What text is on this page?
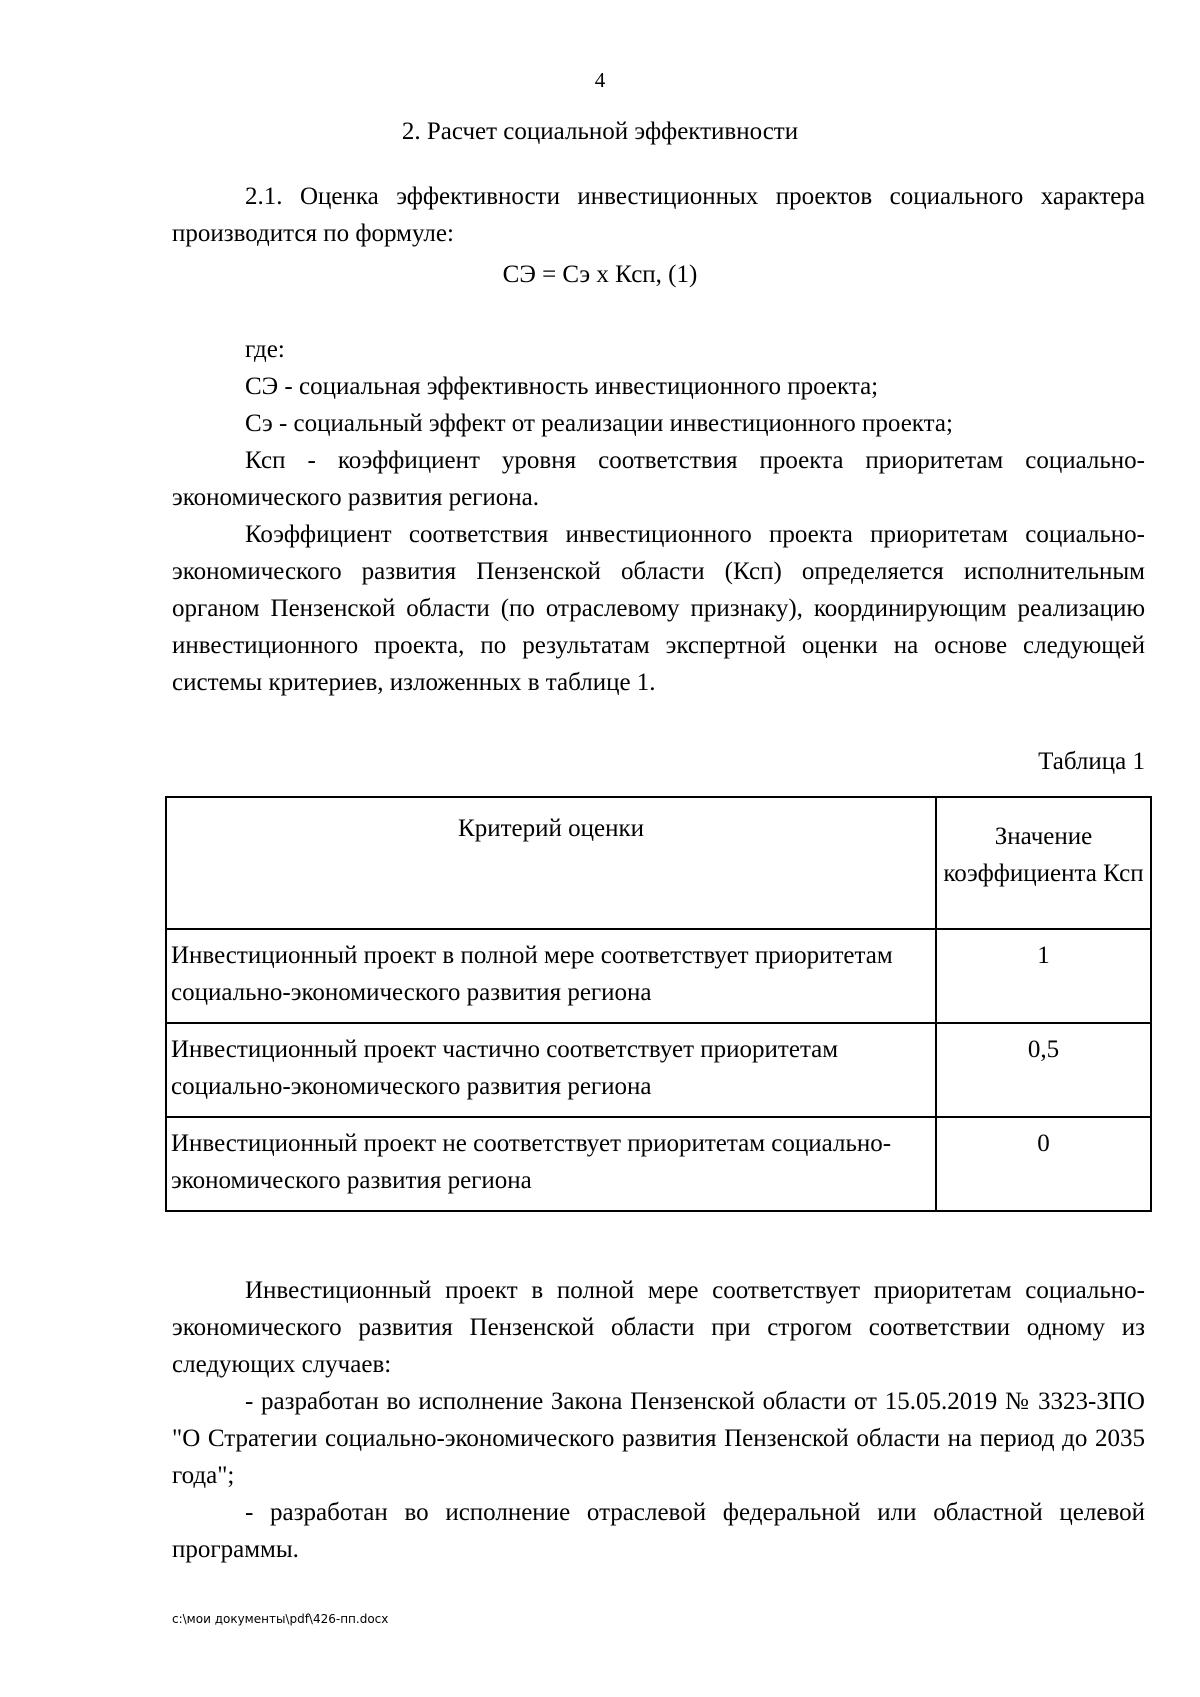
4
2. Расчет социальной эффективности

2.1. Оценка эффективности инвестиционных проектов социального характера производится по формуле:

СЭ = Сэ х Ксп, (1)

где:

СЭ - социальная эффективность инвестиционного проекта;

Сэ - социальный эффект от реализации инвестиционного проекта;

Ксп - коэффициент уровня соответствия проекта приоритетам социально-экономического развития региона.

Коэффициент соответствия инвестиционного проекта приоритетам социально-экономического развития Пензенской области (Ксп) определяется исполнительным органом Пензенской области (по отраслевому признаку), координирующим реализацию инвестиционного проекта, по результатам экспертной оценки на основе следующей системы критериев, изложенных в таблице 1.

Таблица 1
Критерий оценки	Значение коэффициента Ксп
Инвестиционный проект в полной мере соответствует приоритетам социально-экономического развития региона	1
Инвестиционный проект частично соответствует приоритетам социально-экономического развития региона	0,5
Инвестиционный проект не соответствует приоритетам социально-экономического развития региона	0

Инвестиционный проект в полной мере соответствует приоритетам социально-экономического развития Пензенской области при строгом соответствии одному из следующих случаев:

- разработан во исполнение Закона Пензенской области от 15.05.2019 № 3323-ЗПО "О Стратегии социально-экономического развития Пензенской области на период до 2035 года";

- разработан во исполнение отраслевой федеральной или областной целевой программы.

c:\мои документы\pdf\426-пп.docx
